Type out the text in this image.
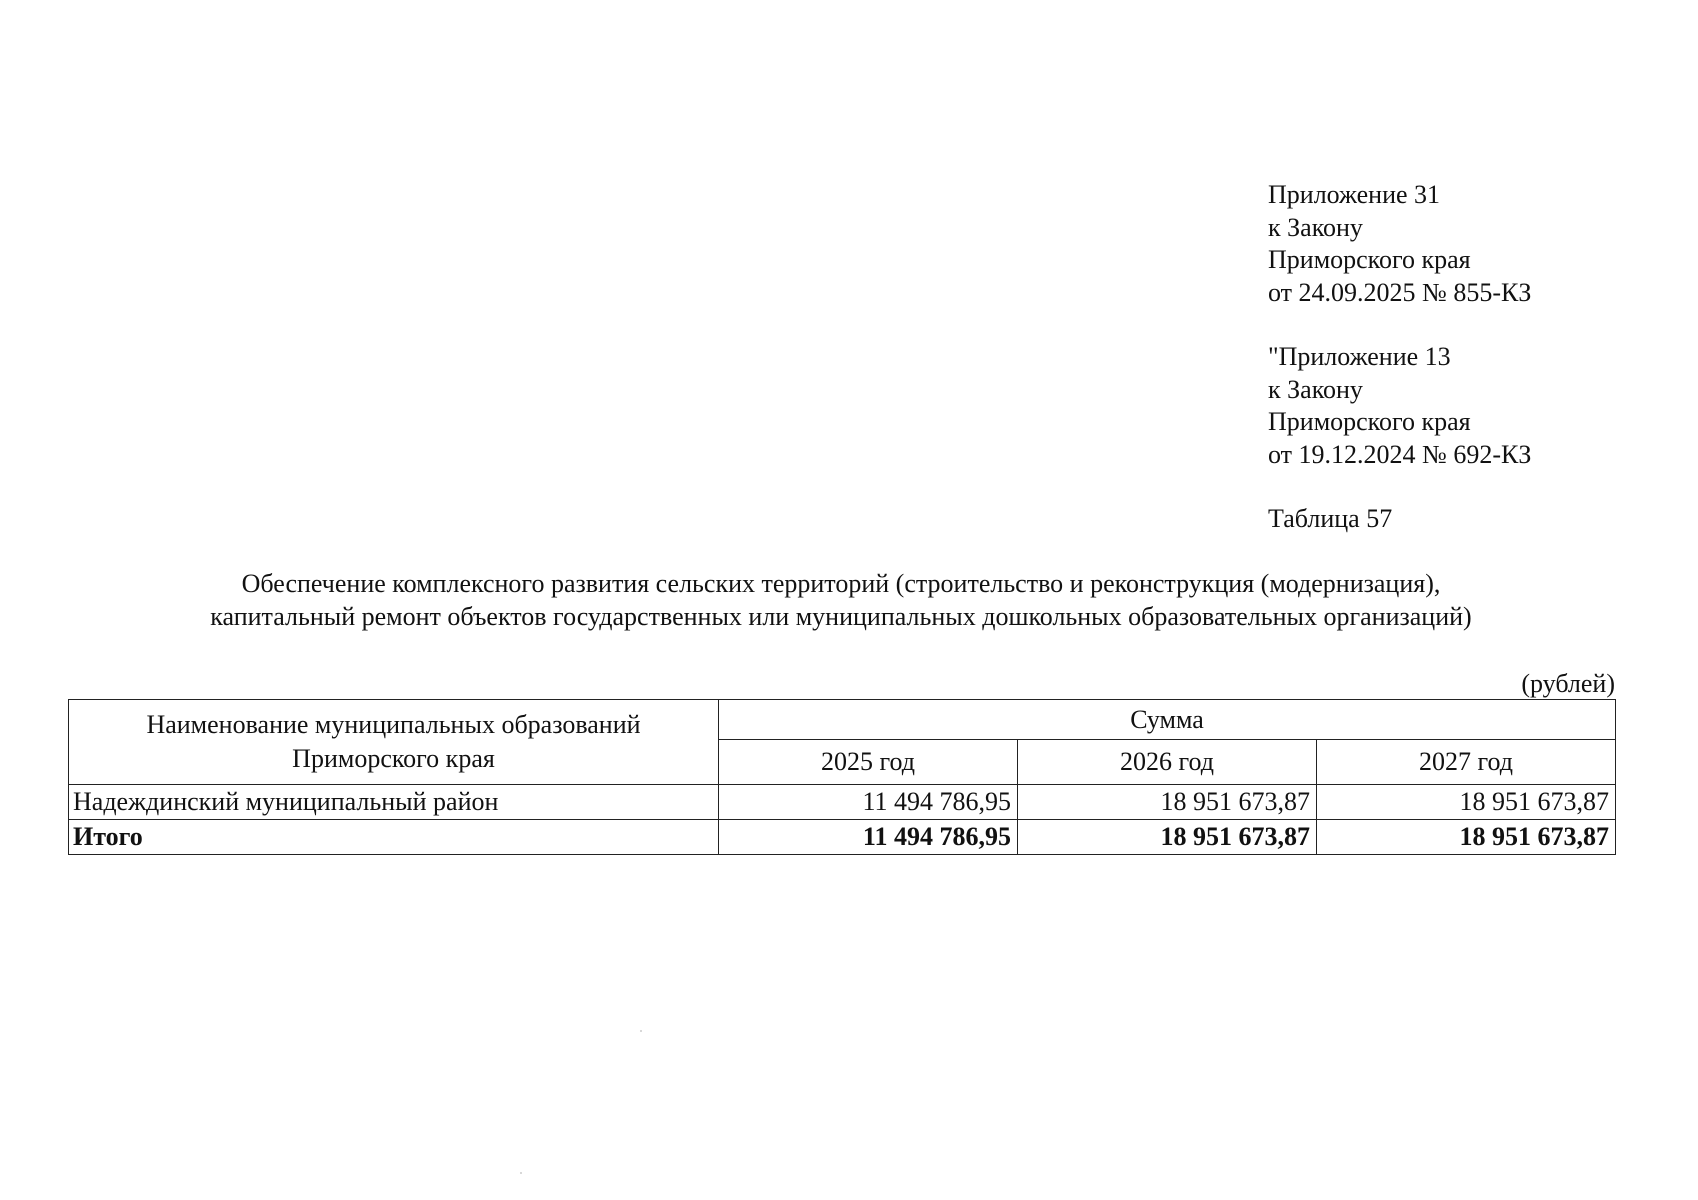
Приложение 31
к Закону
Приморского края
от 24.09.2025 № 855-КЗ
"Приложение 13
к Закону
Приморского края
от 19.12.2024 № 692-КЗ
Таблица 57
Обеспечение комплексного развития сельских территорий (строительство и реконструкция (модернизация),
капитальный ремонт объектов государственных или муниципальных дошкольных образовательных организаций)
(рублей)
Наименование муниципальных образований
Приморского края	Сумма		
	2025 год	2026 год	2027 год
Надеждинский муниципальный район	11 494 786,95	18 951 673,87	18 951 673,87
Итого	11 494 786,95	18 951 673,87	18 951 673,87
